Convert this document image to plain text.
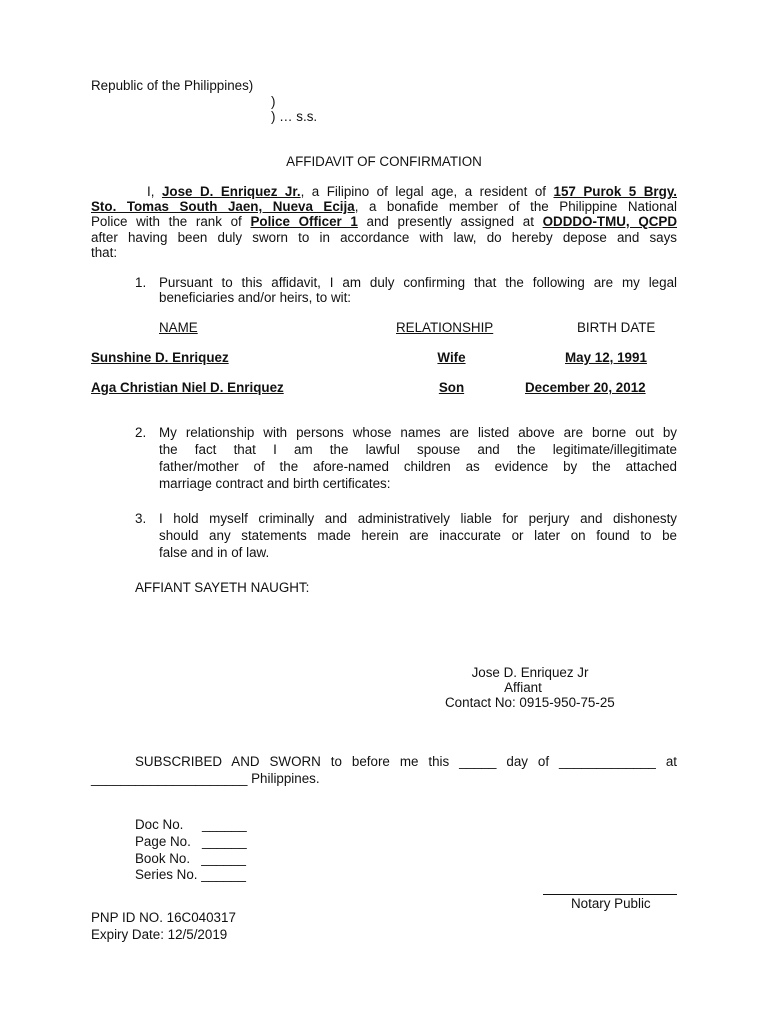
Republic of the Philippines)
)
) … s.s.
AFFIDAVIT OF CONFIRMATION
I, Jose D. Enriquez Jr., a Filipino of legal age, a resident of 157 Purok 5 Brgy.
Sto. Tomas South Jaen, Nueva Ecija, a bonafide member of the Philippine National
Police with the rank of Police Officer 1 and presently assigned at ODDDO-TMU, QCPD
after having been duly sworn to in accordance with law, do hereby depose and says
that:
1. Pursuant to this affidavit, I am duly confirming that the following are my legal
beneficiaries and/or heirs, to wit:
NAME	RELATIONSHIP	BIRTH DATE
Sunshine D. Enriquez	Wife	May 12, 1991
Aga Christian Niel D. Enriquez	Son	December 20, 2012
2. My relationship with persons whose names are listed above are borne out by
the fact that I am the lawful spouse and the legitimate/illegitimate
father/mother of the afore-named children as evidence by the attached
marriage contract and birth certificates:
3. I hold myself criminally and administratively liable for perjury and dishonesty
should any statements made herein are inaccurate or later on found to be
false and in of law.
AFFIANT SAYETH NAUGHT:
Jose D. Enriquez Jr
Affiant
Contact No: 0915-950-75-25
SUBSCRIBED AND SWORN to before me this _____ day of _____________ at
_____________________ Philippines.
Doc No.     ______
Page No.   ______
Book No.   ______
Series No. ______
Notary Public
PNP ID NO. 16C040317
Expiry Date: 12/5/2019
